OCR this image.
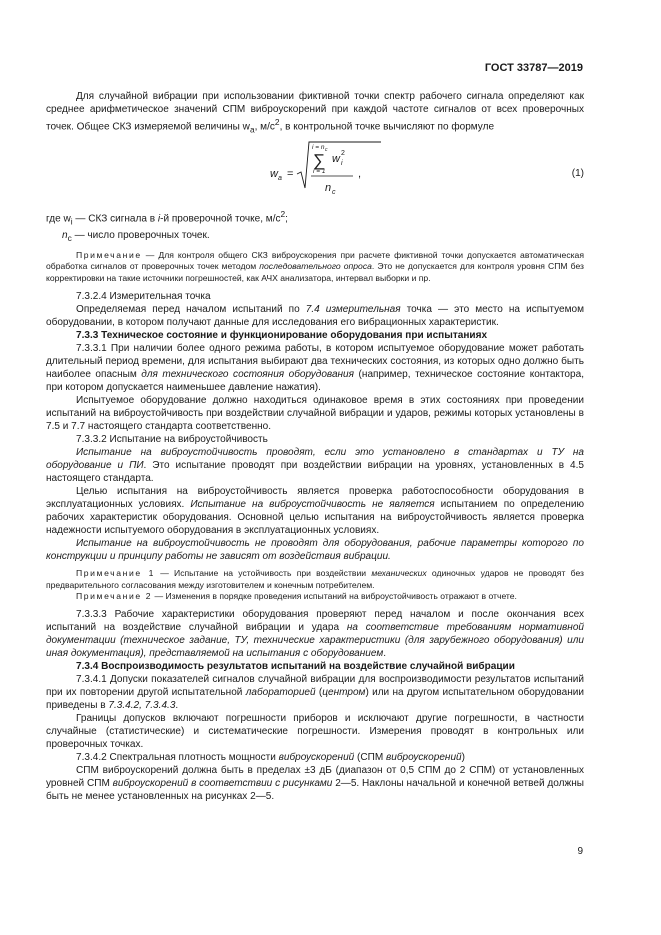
ГОСТ 33787—2019

Для случайной вибрации при использовании фиктивной точки спектр рабочего сигнала определяют как среднее арифметическое значений СПМ виброускорений при каждой частоте сигналов от всех проверочных точек. Общее СКЗ измеряемой величины $w_a$, $м/с^2$, в контрольной точке вычисляют по формуле

w a =
i = n c
∑
i = 1
w i
2
n c
,	(1)

где $w_i$ — СКЗ сигнала в i-й проверочной точке, $м/с^2$;

$n_c$ — число проверочных точек.

Примечание — Для контроля общего СКЗ виброускорения при расчете фиктивной точки допускается автоматическая обработка сигналов от проверочных точек методом последовательного опроса. Это не допускается для контроля уровня СПМ без корректировки на такие источники погрешностей, как АЧХ анализатора, интервал выборки и пр.

7.3.2.4 Измерительная точка

Определяемая перед началом испытаний по 7.4 измерительная точка — это место на испытуемом оборудовании, в котором получают данные для исследования его вибрационных характеристик.

7.3.3 Техническое состояние и функционирование оборудования при испытаниях

7.3.3.1 При наличии более одного режима работы, в котором испытуемое оборудование может работать длительный период времени, для испытания выбирают два технических состояния, из которых одно должно быть наиболее опасным для технического состояния оборудования (например, техническое состояние контактора, при котором допускается наименьшее давление нажатия).

Испытуемое оборудование должно находиться одинаковое время в этих состояниях при проведении испытаний на виброустойчивость при воздействии случайной вибрации и ударов, режимы которых установлены в 7.5 и 7.7 настоящего стандарта соответственно.

7.3.3.2 Испытание на виброустойчивость

Испытание на виброустойчивость проводят, если это установлено в стандартах и ТУ на оборудование и ПИ. Это испытание проводят при воздействии вибрации на уровнях, установленных в 4.5 настоящего стандарта.

Целью испытания на виброустойчивость является проверка работоспособности оборудования в эксплуатационных условиях. Испытание на виброустойчивость не является испытанием по определению рабочих характеристик оборудования. Основной целью испытания на виброустойчивость является проверка надежности испытуемого оборудования в эксплуатационных условиях.

Испытание на виброустойчивость не проводят для оборудования, рабочие параметры которого по конструкции и принципу работы не зависят от воздействия вибрации.

Примечание 1 — Испытание на устойчивость при воздействии механических одиночных ударов не проводят без предварительного согласования между изготовителем и конечным потребителем.

Примечание 2 — Изменения в порядке проведения испытаний на виброустойчивость отражают в отчете.

7.3.3.3 Рабочие характеристики оборудования проверяют перед началом и после окончания всех испытаний на воздействие случайной вибрации и удара на соответствие требованиям нормативной документации (техническое задание, ТУ, технические характеристики (для зарубежного оборудования) или иная документация), представляемой на испытания с оборудованием.

7.3.4 Воспроизводимость результатов испытаний на воздействие случайной вибрации

7.3.4.1 Допуски показателей сигналов случайной вибрации для воспроизводимости результатов испытаний при их повторении другой испытательной лабораторией (центром) или на другом испытательном оборудовании приведены в 7.3.4.2, 7.3.4.3.

Границы допусков включают погрешности приборов и исключают другие погрешности, в частности случайные (статистические) и систематические погрешности. Измерения проводят в контрольных или проверочных точках.

7.3.4.2 Спектральная плотность мощности виброускорений (СПМ виброускорений)

СПМ виброускорений должна быть в пределах ±3 дБ (диапазон от 0,5 СПМ до 2 СПМ) от установленных уровней СПМ виброускорений в соответствии с рисунками 2—5. Наклоны начальной и конечной ветвей должны быть не менее установленных на рисунках 2—5.

9
